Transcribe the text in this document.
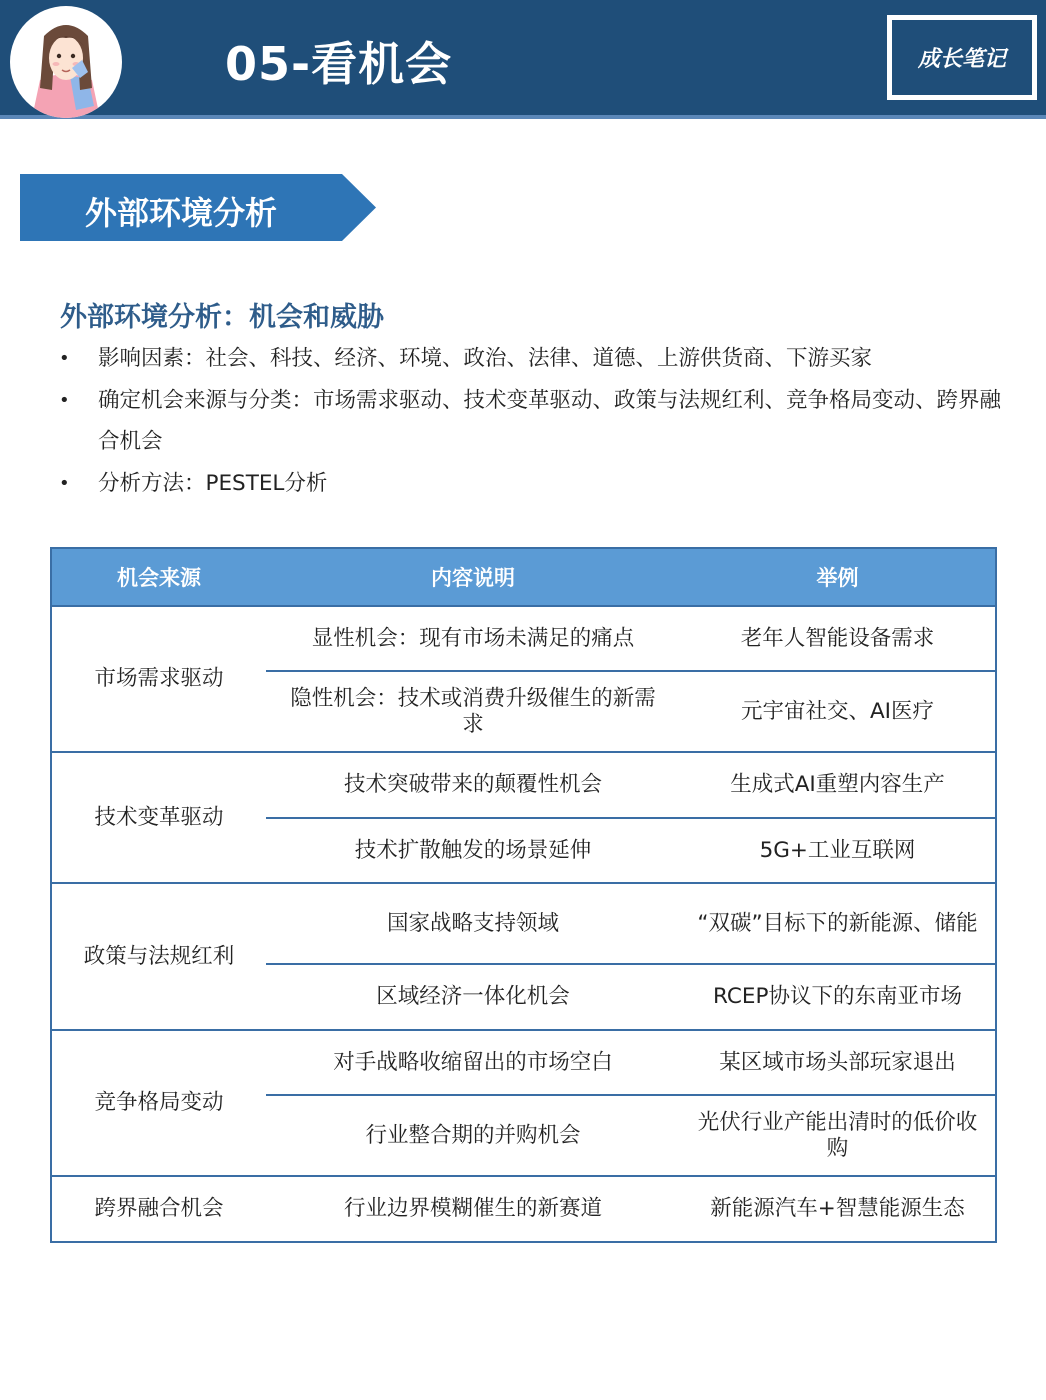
05-看机会	成长笔记
外部环境分析
外部环境分析：机会和威胁
• 影响因素：社会、科技、经济、环境、政治、法律、道德、上游供货商、下游买家
• 确定机会来源与分类：市场需求驱动、技术变革驱动、政策与法规红利、竞争格局变动、跨界融合机会
• 分析方法：PESTEL分析
机会来源	内容说明	举例
市场需求驱动	显性机会：现有市场未满足的痛点	老年人智能设备需求
	隐性机会：技术或消费升级催生的新需求	元宇宙社交、AI医疗
技术变革驱动	技术突破带来的颠覆性机会	生成式AI重塑内容生产
	技术扩散触发的场景延伸	5G+工业互联网
政策与法规红利	国家战略支持领域	“双碳”目标下的新能源、储能
	区域经济一体化机会	RCEP协议下的东南亚市场
竞争格局变动	对手战略收缩留出的市场空白	某区域市场头部玩家退出
	行业整合期的并购机会	光伏行业产能出清时的低价收购
跨界融合机会	行业边界模糊催生的新赛道	新能源汽车+智慧能源生态
